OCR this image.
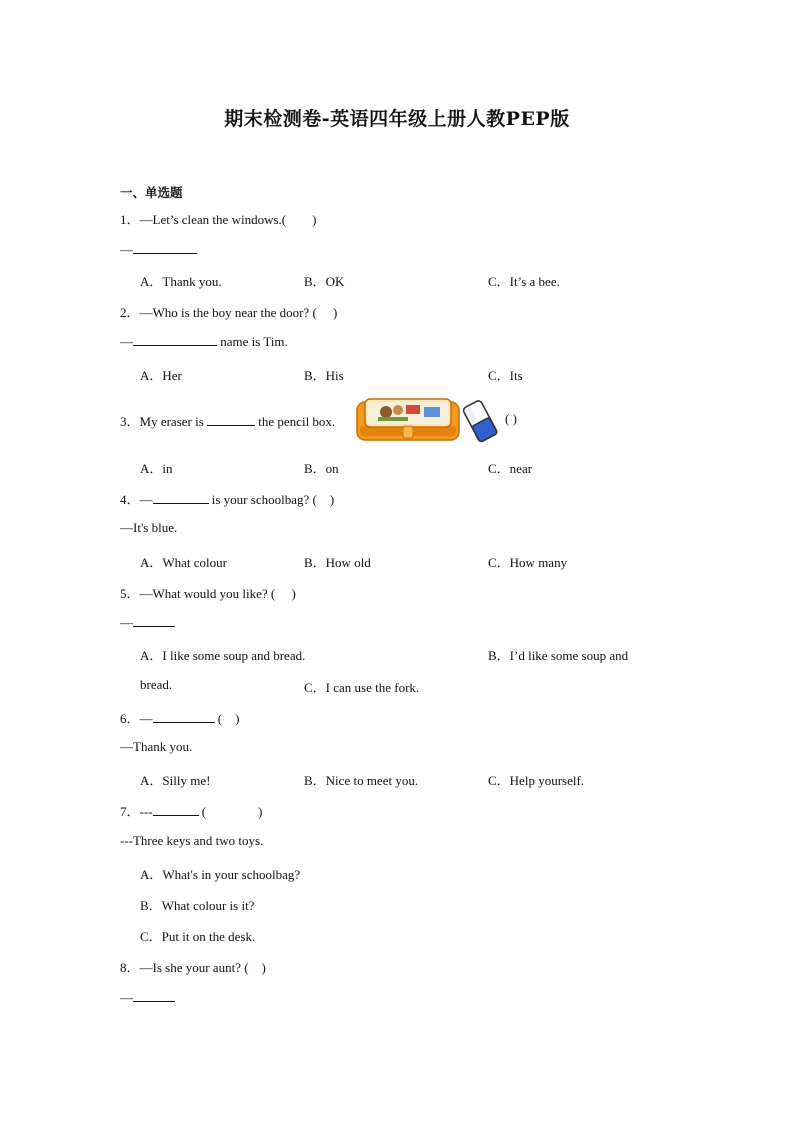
期末检测卷-英语四年级上册人教PEP版
一、单选题
1．—Let’s clean the windows.(　　)
—
A．Thank you.	B．OK	C．It’s a bee.
2．—Who is the boy near the door? (　 )
—	name is Tim.
A．Her	B．His	C．Its
3．My eraser is	the pencil box.	( )
A．in	B．on	C．near
4．—	is your schoolbag? (　)
—It's blue.
A．What colour	B．How old	C．How many
5．—What would you like? (　 )
—
A．I like some soup and bread.	B．I’d like some soup and
bread.	C．I can use the fork.
6．—	(　)
—Thank you.
A．Silly me!	B．Nice to meet you.	C．Help yourself.
7．---	(　　　　)
---Three keys and two toys.
A．What's in your schoolbag?
B．What colour is it?
C．Put it on the desk.
8．—Is she your aunt? (　)
—
